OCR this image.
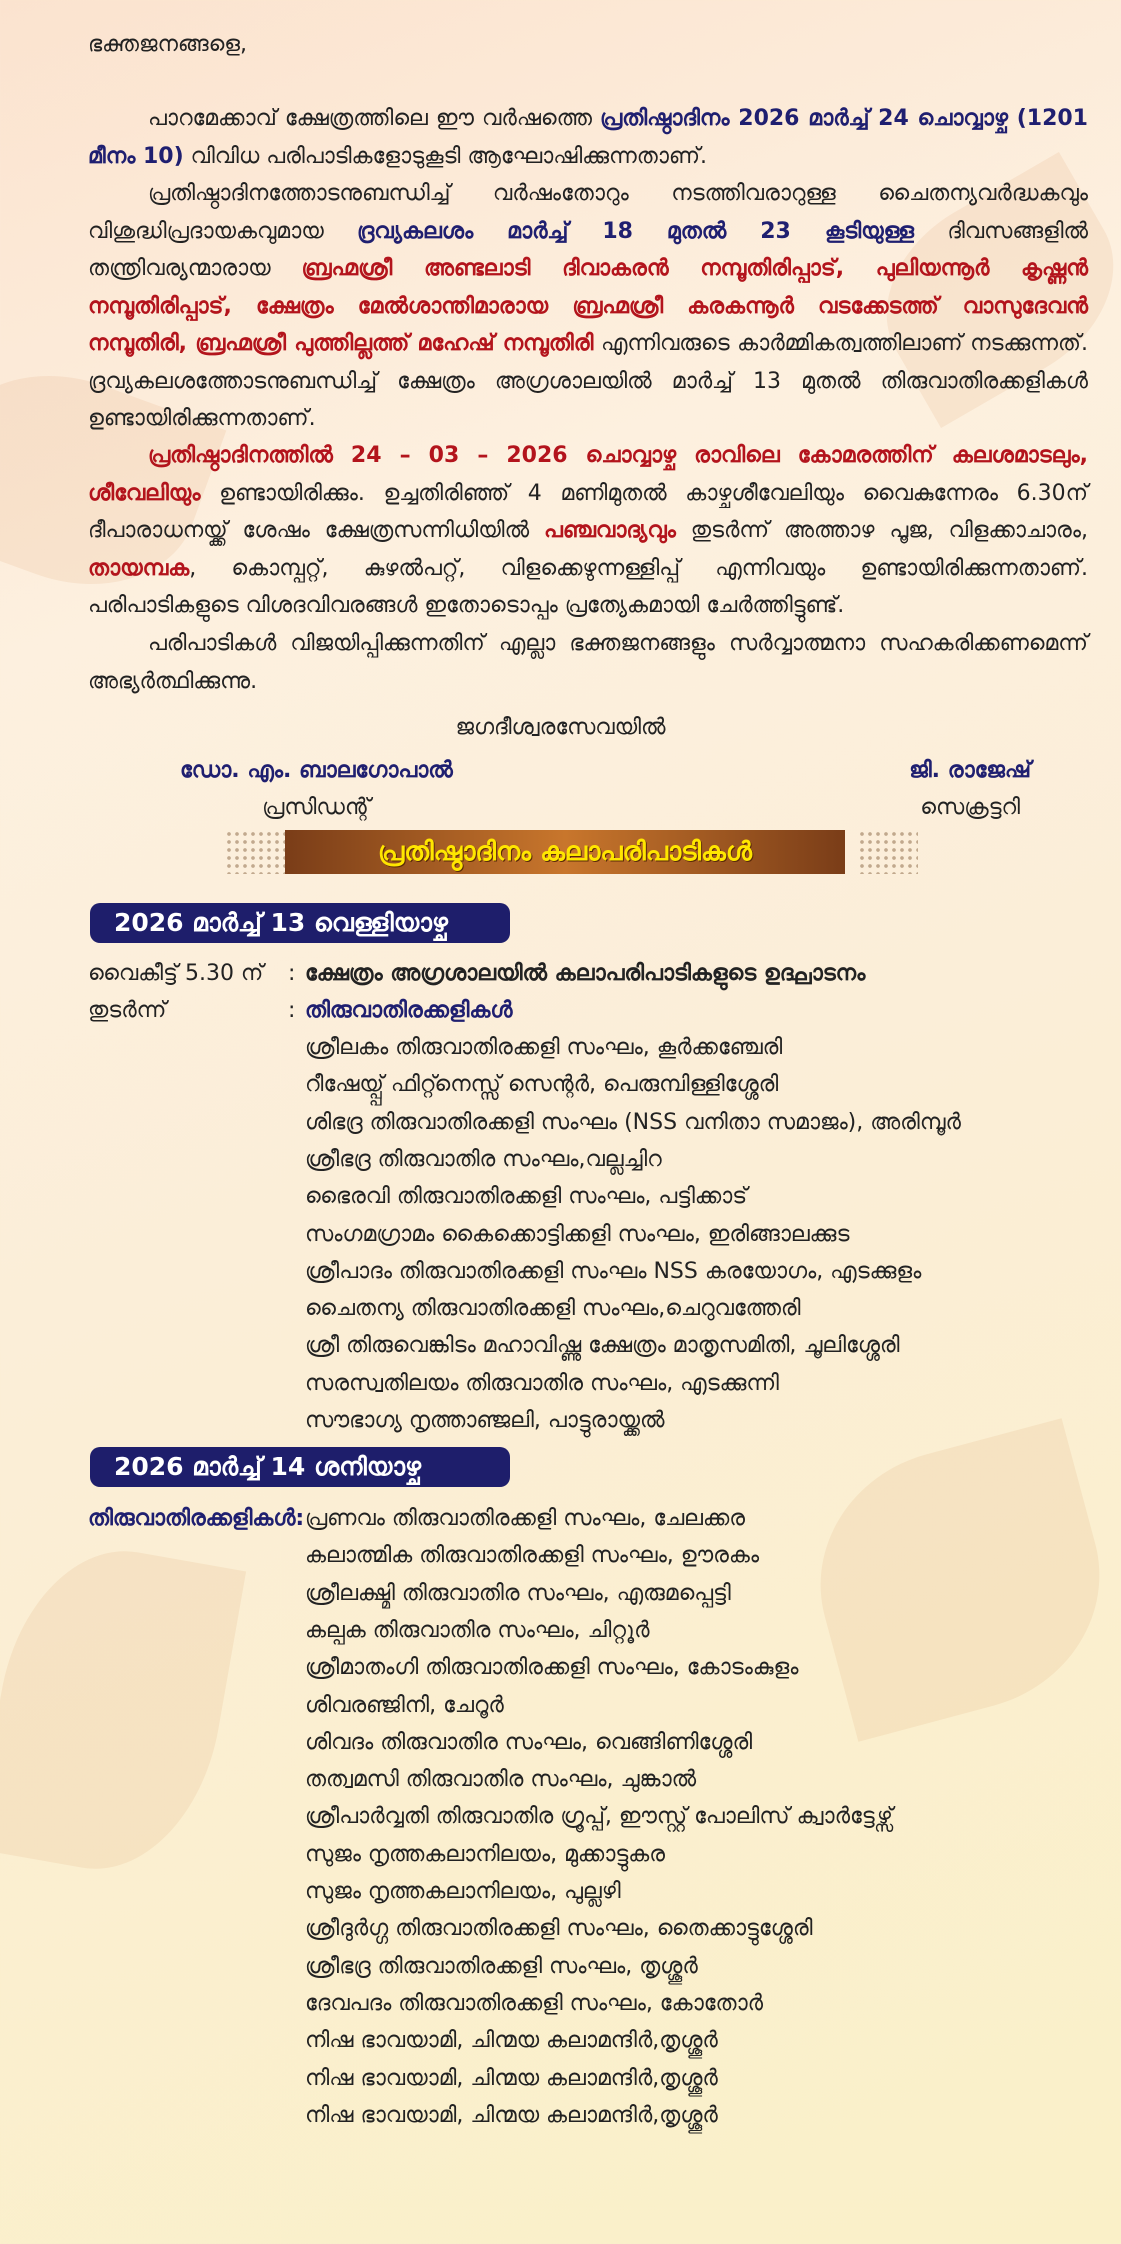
ഭക്തജനങ്ങളെ,
പാറമേക്കാവ് ക്ഷേത്രത്തിലെ ഈ വർഷത്തെ പ്രതിഷ്ഠാദിനം 2026 മാർച്ച് 24 ചൊവ്വാഴ്ച (1201 മീനം 10) വിവിധ പരിപാടികളോടുകൂടി ആഘോഷിക്കുന്നതാണ്.
പ്രതിഷ്ഠാദിനത്തോടനുബന്ധിച്ച് വർഷംതോറും നടത്തിവരാറുള്ള ചൈതന്യവർദ്ധകവും വിശുദ്ധിപ്രദായകവുമായ ദ്രവ്യകലശം മാർച്ച് 18 മുതൽ 23 കൂടിയുള്ള ദിവസങ്ങളിൽ തന്ത്രിവര്യന്മാരായ ബ്രഹ്മശ്രീ അണ്ടലാടി ദിവാകരൻ നമ്പൂതിരിപ്പാട്, പുലിയന്നൂർ കൃഷ്ണൻ നമ്പൂതിരിപ്പാട്, ക്ഷേത്രം മേൽശാന്തിമാരായ ബ്രഹ്മശ്രീ കരകന്നൂർ വടക്കേടത്ത് വാസുദേവൻ നമ്പൂതിരി, ബ്രഹ്മശ്രീ പുത്തില്ലത്ത് മഹേഷ് നമ്പൂതിരി എന്നിവരുടെ കാർമ്മികത്വത്തിലാണ് നടക്കുന്നത്. ദ്രവ്യകലശത്തോടനുബന്ധിച്ച് ക്ഷേത്രം അഗ്രശാലയിൽ മാർച്ച് 13 മുതൽ തിരുവാതിരക്കളികൾ ഉണ്ടായിരിക്കുന്നതാണ്.
പ്രതിഷ്ഠാദിനത്തിൽ 24 – 03 – 2026 ചൊവ്വാഴ്ച രാവിലെ കോമരത്തിന് കലശമാടലും, ശീവേലിയും ഉണ്ടായിരിക്കും. ഉച്ചതിരിഞ്ഞ് 4 മണിമുതൽ കാഴ്ചശീവേലിയും വൈകുന്നേരം 6.30ന് ദീപാരാധനയ്ക്ക് ശേഷം ക്ഷേത്രസന്നിധിയിൽ പഞ്ചവാദ്യവും തുടർന്ന് അത്താഴ പൂജ, വിളക്കാചാരം, തായമ്പക, കൊമ്പ്പറ്റ്, കുഴൽപറ്റ്, വിളക്കെഴുന്നള്ളിപ്പ് എന്നിവയും ഉണ്ടായിരിക്കുന്നതാണ്. പരിപാടികളുടെ വിശദവിവരങ്ങൾ ഇതോടൊപ്പം പ്രത്യേകമായി ചേർത്തിട്ടുണ്ട്.
പരിപാടികൾ വിജയിപ്പിക്കുന്നതിന് എല്ലാ ഭക്തജനങ്ങളും സർവ്വാത്മനാ സഹകരിക്കണമെന്ന് അഭ്യർത്ഥിക്കുന്നു.
ജഗദീശ്വരസേവയിൽ
ഡോ. എം. ബാലഗോപാൽ
പ്രസിഡന്റ്
ജി. രാജേഷ്
സെക്രട്ടറി
പ്രതിഷ്ഠാദിനം കലാപരിപാടികൾ
2026 മാർച്ച് 13 വെള്ളിയാഴ്ച
വൈകീട്ട് 5.30 ന് : ക്ഷേത്രം അഗ്രശാലയിൽ കലാപരിപാടികളുടെ ഉദ്ഘാടനം
തുടർന്ന്	: തിരുവാതിരക്കളികൾ
ശ്രീലകം തിരുവാതിരക്കളി സംഘം, കൂർക്കഞ്ചേരി
റീഷേയ്പ്പ് ഫിറ്റ്നെസ്സ് സെന്റർ, പെരുമ്പിള്ളിശ്ശേരി
ശിഭദ്ര തിരുവാതിരക്കളി സംഘം (NSS വനിതാ സമാജം), അരിമ്പൂർ
ശ്രീഭദ്ര തിരുവാതിര സംഘം,വല്ലച്ചിറ
ഭൈരവി തിരുവാതിരക്കളി സംഘം, പട്ടിക്കാട്
സംഗമഗ്രാമം കൈക്കൊട്ടിക്കളി സംഘം, ഇരിങ്ങാലക്കുട
ശ്രീപാദം തിരുവാതിരക്കളി സംഘം NSS കരയോഗം, എടക്കുളം
ചൈതന്യ തിരുവാതിരക്കളി സംഘം,ചെറുവത്തേരി
ശ്രീ തിരുവെങ്കിടം മഹാവിഷ്ണു ക്ഷേത്രം മാതൃസമിതി, ചൂലിശ്ശേരി
സരസ്വതിലയം തിരുവാതിര സംഘം, എടക്കുന്നി
സൗഭാഗ്യ നൃത്താഞ്ജലി, പാട്ടുരായ്ക്കൽ
2026 മാർച്ച് 14 ശനിയാഴ്ച
തിരുവാതിരക്കളികൾ: പ്രണവം തിരുവാതിരക്കളി സംഘം, ചേലക്കര
കലാത്മിക തിരുവാതിരക്കളി സംഘം, ഊരകം
ശ്രീലക്ഷ്മി തിരുവാതിര സംഘം, എരുമപ്പെട്ടി
കല്പക തിരുവാതിര സംഘം, ചിറ്റൂർ
ശ്രീമാതംഗി തിരുവാതിരക്കളി സംഘം, കോടംകുളം
ശിവരഞ്ജിനി, ചേറൂർ
ശിവദം തിരുവാതിര സംഘം, വെങ്ങിണിശ്ശേരി
തത്വമസി തിരുവാതിര സംഘം, ചുങ്കാൽ
ശ്രീപാർവ്വതി തിരുവാതിര ഗ്രൂപ്പ്, ഈസ്റ്റ് പോലിസ് ക്വാർട്ടേഴ്സ്
സുജം നൃത്തകലാനിലയം, മുക്കാട്ടുകര
സുജം നൃത്തകലാനിലയം, പുല്ലഴി
ശ്രീദുർഗ്ഗ തിരുവാതിരക്കളി സംഘം, തൈക്കാട്ടുശ്ശേരി
ശ്രീഭദ്ര തിരുവാതിരക്കളി സംഘം, തൃശ്ശൂർ
ദേവപദം തിരുവാതിരക്കളി സംഘം, കോതോർ
നിഷ ഭാവയാമി, ചിന്മയ കലാമന്ദിർ,തൃശ്ശൂർ
നിഷ ഭാവയാമി, ചിന്മയ കലാമന്ദിർ,തൃശ്ശൂർ
നിഷ ഭാവയാമി, ചിന്മയ കലാമന്ദിർ,തൃശ്ശൂർ
